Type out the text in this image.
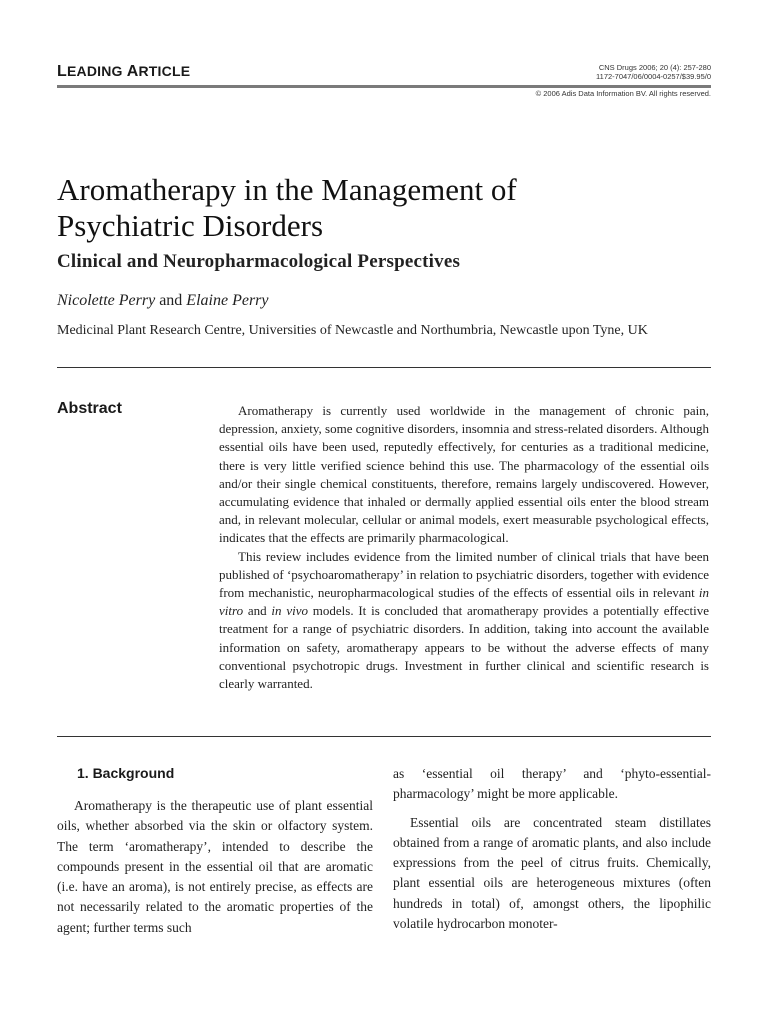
LEADING ARTICLE	CNS Drugs 2006; 20 (4): 257-280
1172-7047/06/0004-0257/$39.95/0
© 2006 Adis Data Information BV. All rights reserved.
Aromatherapy in the Management of
Psychiatric Disorders
Clinical and Neuropharmacological Perspectives
Nicolette Perry and Elaine Perry
Medicinal Plant Research Centre, Universities of Newcastle and Northumbria, Newcastle upon Tyne, UK
Abstract	Aromatherapy is currently used worldwide in the management of chronic pain, depression, anxiety, some cognitive disorders, insomnia and stress-related disorders. Although essential oils have been used, reputedly effectively, for centuries as a traditional medicine, there is very little verified science behind this use. The pharmacology of the essential oils and/or their single chemical constituents, therefore, remains largely undiscovered. However, accumulating evidence that inhaled or dermally applied essential oils enter the blood stream and, in relevant molecular, cellular or animal models, exert measurable psychological effects, indicates that the effects are primarily pharmacological.

This review includes evidence from the limited number of clinical trials that have been published of ‘psychoaromatherapy’ in relation to psychiatric disorders, together with evidence from mechanistic, neuropharmacological studies of the effects of essential oils in relevant in vitro and in vivo models. It is concluded that aromatherapy provides a potentially effective treatment for a range of psychiatric disorders. In addition, taking into account the available information on safety, aromatherapy appears to be without the adverse effects of many conventional psychotropic drugs. Investment in further clinical and scientific research is clearly warranted.

1. Background

Aromatherapy is the therapeutic use of plant essential oils, whether absorbed via the skin or olfactory system. The term ‘aromatherapy’, intended to describe the compounds present in the essential oil that are aromatic (i.e. have an aroma), is not entirely precise, as effects are not necessarily related to the aromatic properties of the agent; further terms such

as ‘essential oil therapy’ and ‘phyto-essential-pharmacology’ might be more applicable.

Essential oils are concentrated steam distillates obtained from a range of aromatic plants, and also include expressions from the peel of citrus fruits. Chemically, plant essential oils are heterogeneous mixtures (often hundreds in total) of, amongst others, the lipophilic volatile hydrocarbon monoter-
